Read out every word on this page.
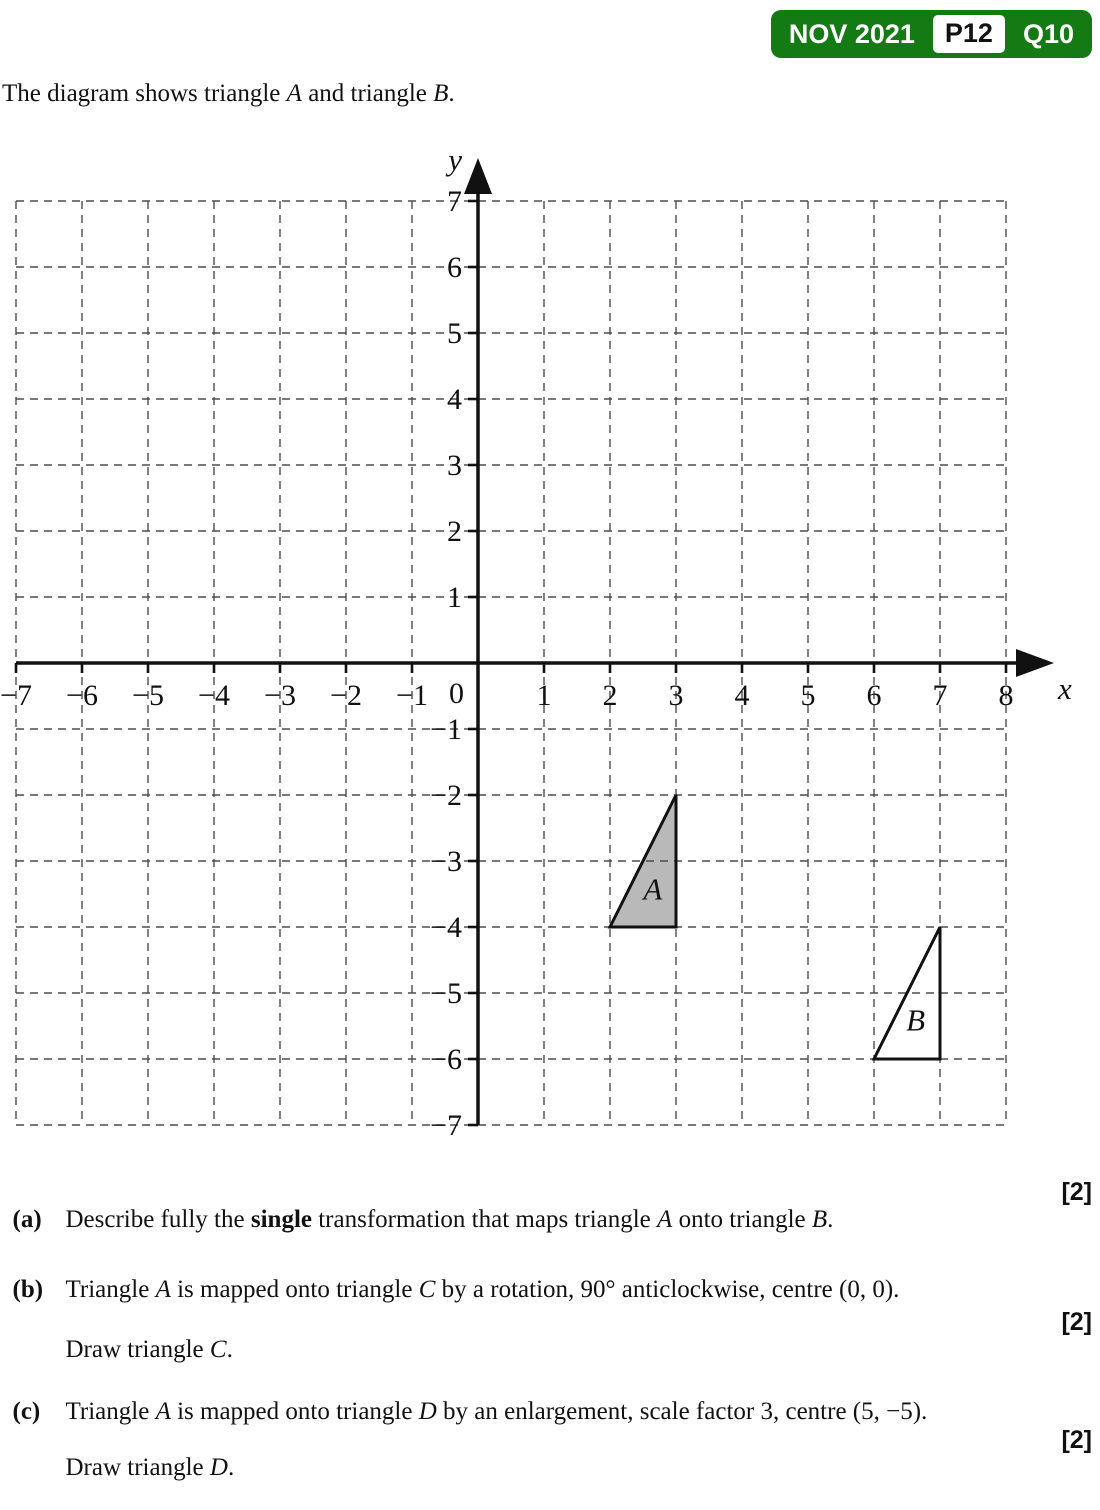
NOV 2021	P12	Q10

The diagram shows triangle A and triangle B.

−7 −6 −5 −4 −3 −2 −1	1 2 3 4 5 6 7 8
−7
−6
−5
−4
−3
−2
−1
1
2
3
4
5
6
7
0	x
y
A
B

(a) Describe fully the single transformation that maps triangle A onto triangle B.

[2]

(b) Triangle A is mapped onto triangle C by a rotation, 90° anticlockwise, centre (0, 0).

Draw triangle C.

[2]

(c) Triangle A is mapped onto triangle D by an enlargement, scale factor 3, centre (5, −5).

Draw triangle D.

[2]
